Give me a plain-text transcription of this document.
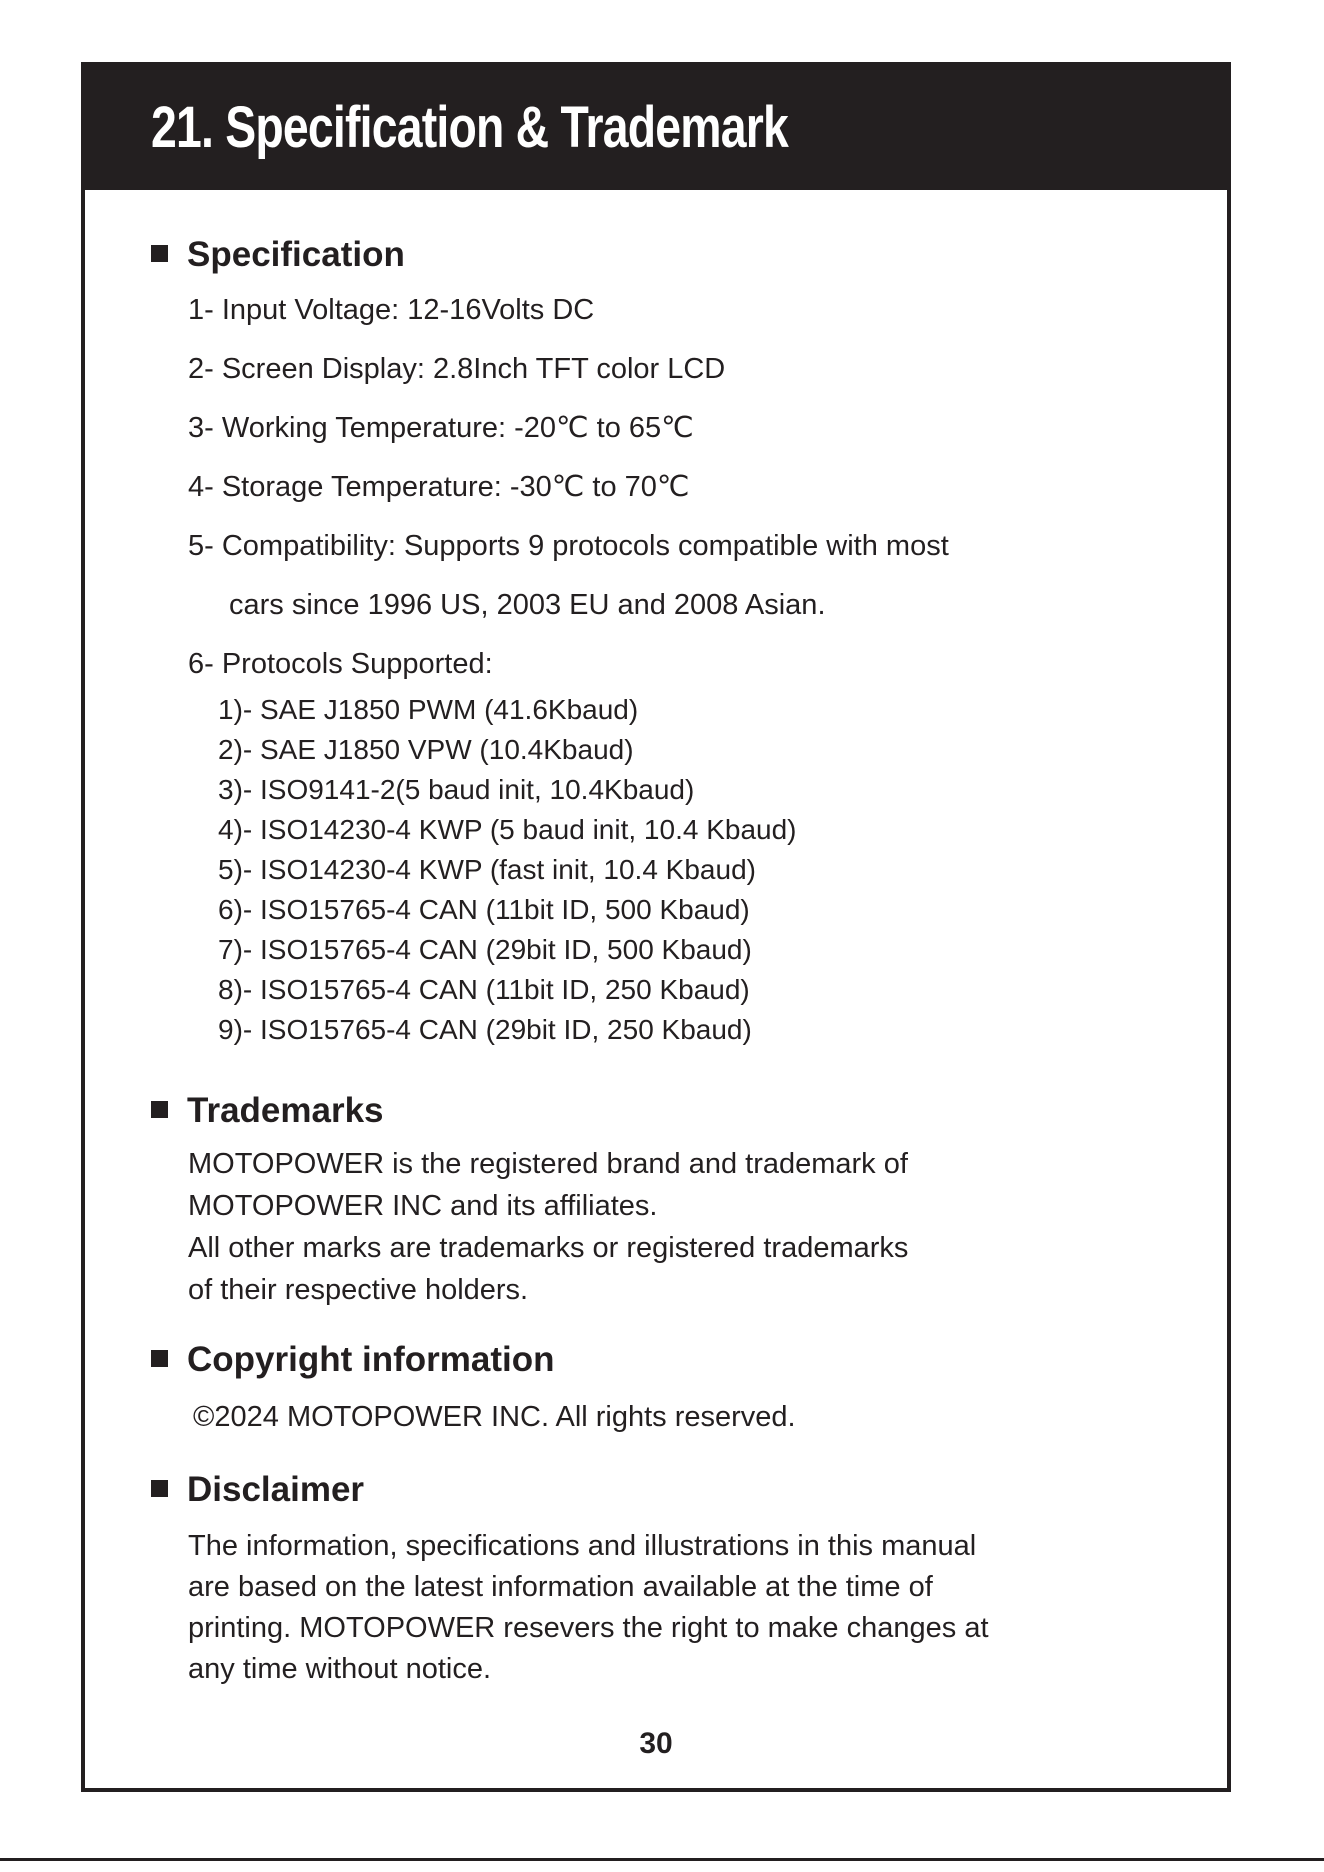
21. Specification & Trademark
Specification
1- Input Voltage: 12-16Volts DC
2- Screen Display: 2.8Inch TFT color LCD
3- Working Temperature: -20℃ to 65℃
4- Storage Temperature: -30℃ to 70℃
5- Compatibility: Supports 9 protocols compatible with most
cars since 1996 US, 2003 EU and 2008 Asian.
6- Protocols Supported:
1)- SAE J1850 PWM (41.6Kbaud)
2)- SAE J1850 VPW (10.4Kbaud)
3)- ISO9141-2(5 baud init, 10.4Kbaud)
4)- ISO14230-4 KWP (5 baud init, 10.4 Kbaud)
5)- ISO14230-4 KWP (fast init, 10.4 Kbaud)
6)- ISO15765-4 CAN (11bit ID, 500 Kbaud)
7)- ISO15765-4 CAN (29bit ID, 500 Kbaud)
8)- ISO15765-4 CAN (11bit ID, 250 Kbaud)
9)- ISO15765-4 CAN (29bit ID, 250 Kbaud)
Trademarks
MOTOPOWER is the registered brand and trademark of
MOTOPOWER INC and its affiliates.
All other marks are trademarks or registered trademarks
of their respective holders.
Copyright information
©2024 MOTOPOWER INC. All rights reserved.
Disclaimer
The information, specifications and illustrations in this manual
are based on the latest information available at the time of
printing. MOTOPOWER resevers the right to make changes at
any time without notice.
30
